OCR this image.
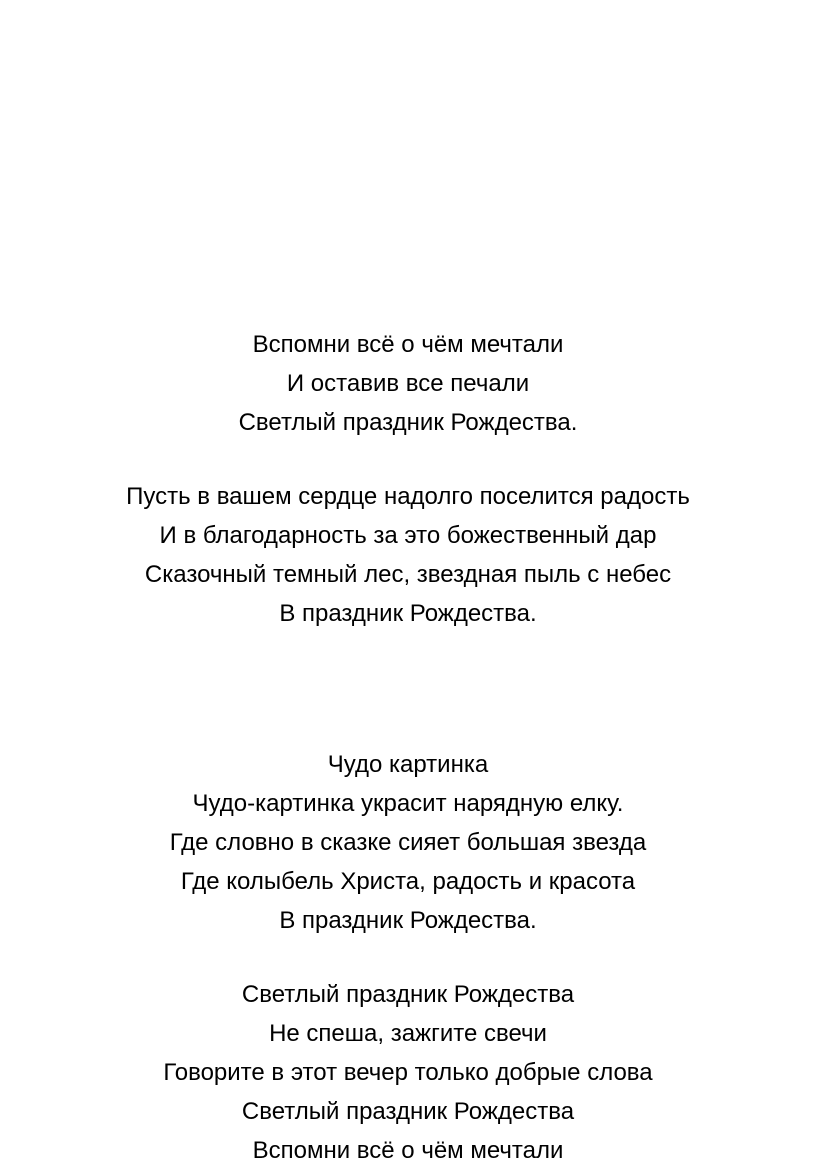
Вспомни всё о чём мечтали
И оставив все печали
Светлый праздник Рождества.
Пусть в вашем сердце надолго поселится радость
И в благодарность за это божественный дар
Сказочный темный лес, звездная пыль с небес
В праздник Рождества.
Чудо картинка
Чудо-картинка украсит нарядную елку.
Где словно в сказке сияет большая звезда
Где колыбель Христа, радость и красота
В праздник Рождества.
Светлый праздник Рождества
Не спеша, зажгите свечи
Говорите в этот вечер только добрые слова
Светлый праздник Рождества
Вспомни всё о чём мечтали
